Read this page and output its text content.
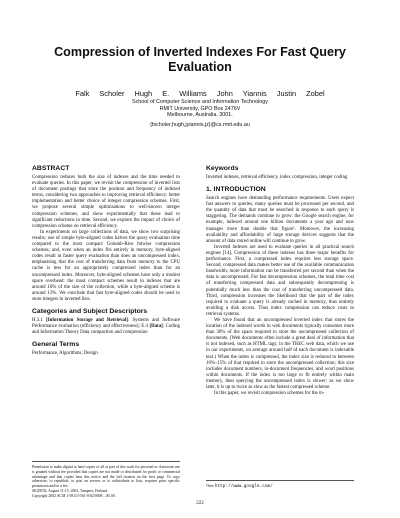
Compression of Inverted Indexes For Fast Query Evaluation
Falk Scholer Hugh E. Williams John Yiannis Justin Zobel
School of Computer Science and Information Technology
RMIT University, GPO Box 2476V
Melbourne, Australia, 3001.
{fscholer,hugh,jyiannis,jz}@cs.rmit.edu.au
ABSTRACT

Compression reduces both the size of indexes and the time needed to evaluate queries. In this paper, we revisit the compression of inverted lists of document postings that store the position and frequency of indexed terms, considering two approaches to improving retrieval efficiency: better implementation and better choice of integer compression schemes. First, we propose several simple optimisations to well-known integer compression schemes, and show experimentally that these lead to significant reductions in time. Second, we explore the impact of choice of compression scheme on retrieval efficiency.

In experiments on large collections of data, we show two surprising results: use of simple byte-aligned codes halves the query evaluation time compared to the most compact Golomb-Rice bitwise compression schemes; and, even when an index fits entirely in memory, byte-aligned codes result in faster query evaluation than does an uncompressed index, emphasising that the cost of transferring data from memory to the CPU cache is less for an appropriately compressed index than for an uncompressed index. Moreover, byte-aligned schemes have only a modest space overhead: the most compact schemes result in indexes that are around 10% of the size of the collection, while a byte-aligned scheme is around 13%. We conclude that fast byte-aligned codes should be used to store integers in inverted lists.

Categories and Subject Descriptors

H.3.1 [Information Storage and Retrieval]: Systems and Software Performance evaluation (efficiency and effectiveness); E.4 [Data]: Coding and Information Theory Data compaction and compression

General Terms

Performance, Algorithms, Design

Permission to make digital or hard copies of all or part of this work for personal or classroom use is granted without fee provided that copies are not made or distributed for profit or commercial advantage and that copies bear this notice and the full citation on the first page. To copy otherwise, to republish, to post on servers or to redistribute to lists, requires prior specific permission and/or a fee.
SIGIR'02, August 11-15, 2002, Tampere, Finland.
Copyright 2002 ACM 1-58113-561-0/02/0008 ...$5.00.
Keywords

Inverted indexes, retrieval efficiency, index compression, integer coding

1. INTRODUCTION

Search engines have demanding performance requirements. Users expect fast answers to queries, many queries must be processed per second, and the quantity of data that must be searched in response to each query is staggering. The demands continue to grow: the Google search engine, for example, indexed around one billion documents a year ago and now manages more than double that figure¹. Moreover, the increasing availability and affordability of large storage devices suggests that the amount of data stored online will continue to grow.

Inverted indexes are used to evaluate queries in all practical search engines [14]. Compression of these indexes has three major benefits for performance. First, a compressed index requires less storage space. Second, compressed data makes better use of the available communication bandwidth; more information can be transferred per second than when the data is uncompressed. For fast decompression schemes, the total time cost of transferring compressed data and subsequently decompressing is potentially much less than the cost of transferring uncompressed data. Third, compression increases the likelihood that the part of the index required to evaluate a query is already cached in memory, thus entirely avoiding a disk access. Thus index compression can reduce costs in retrieval systems.

We have found that an uncompressed inverted index that stores the location of the indexed words in web documents typically consumes more than 30% of the space required to store the uncompressed collection of documents. (Web documents often include a great deal of information that is not indexed, such as HTML tags; in the TREC web data, which we use in our experiments, on average around half of each document is indexable text.) When the index is compressed, the index size is reduced to between 10%–15% of that required to store the uncompressed collection; this size includes document numbers, in-document frequencies, and word positions within documents. If the index is too large to fit entirely within main memory, then querying the uncompressed index is slower: as we show later, it is up to twice as slow as the fastest compressed scheme.

In this paper, we revisit compression schemes for the in-

¹See http://www.google.com/
222
